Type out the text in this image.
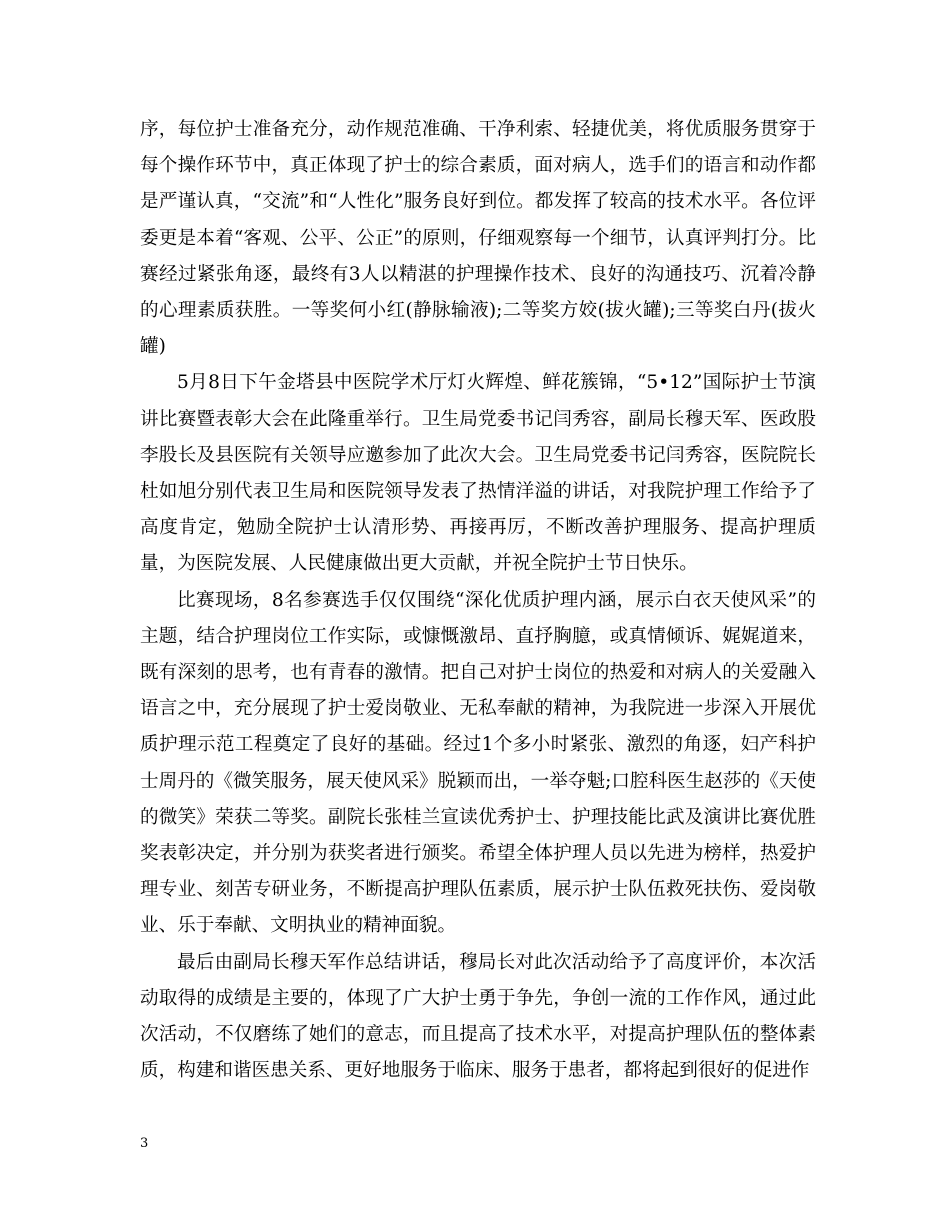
序，每位护士准备充分，动作规范准确、干净利索、轻捷优美，将优质服务贯穿于每个操作环节中，真正体现了护士的综合素质，面对病人，选手们的语言和动作都是严谨认真，“交流”和“人性化”服务良好到位。都发挥了较高的技术水平。各位评委更是本着“客观、公平、公正”的原则，仔细观察每一个细节，认真评判打分。比赛经过紧张角逐，最终有3人以精湛的护理操作技术、良好的沟通技巧、沉着冷静的心理素质获胜。一等奖何小红(静脉输液);二等奖方姣(拔火罐);三等奖白丹(拔火罐)

5月8日下午金塔县中医院学术厅灯火辉煌、鲜花簇锦，“5•12”国际护士节演讲比赛暨表彰大会在此隆重举行。卫生局党委书记闫秀容，副局长穆天军、医政股李股长及县医院有关领导应邀参加了此次大会。卫生局党委书记闫秀容，医院院长杜如旭分别代表卫生局和医院领导发表了热情洋溢的讲话，对我院护理工作给予了高度肯定，勉励全院护士认清形势、再接再厉，不断改善护理服务、提高护理质量，为医院发展、人民健康做出更大贡献，并祝全院护士节日快乐。

比赛现场，8名参赛选手仅仅围绕“深化优质护理内涵，展示白衣天使风采”的主题，结合护理岗位工作实际，或慷慨激昂、直抒胸臆，或真情倾诉、娓娓道来，既有深刻的思考，也有青春的激情。把自己对护士岗位的热爱和对病人的关爱融入语言之中，充分展现了护士爱岗敬业、无私奉献的精神，为我院进一步深入开展优质护理示范工程奠定了良好的基础。经过1个多小时紧张、激烈的角逐，妇产科护士周丹的《微笑服务，展天使风采》脱颖而出，一举夺魁;口腔科医生赵莎的《天使的微笑》荣获二等奖。副院长张桂兰宣读优秀护士、护理技能比武及演讲比赛优胜奖表彰决定，并分别为获奖者进行颁奖。希望全体护理人员以先进为榜样，热爱护理专业、刻苦专研业务，不断提高护理队伍素质，展示护士队伍救死扶伤、爱岗敬业、乐于奉献、文明执业的精神面貌。

最后由副局长穆天军作总结讲话，穆局长对此次活动给予了高度评价，本次活动取得的成绩是主要的，体现了广大护士勇于争先，争创一流的工作作风，通过此次活动，不仅磨练了她们的意志，而且提高了技术水平，对提高护理队伍的整体素质，构建和谐医患关系、更好地服务于临床、服务于患者，都将起到很好的促进作

3
